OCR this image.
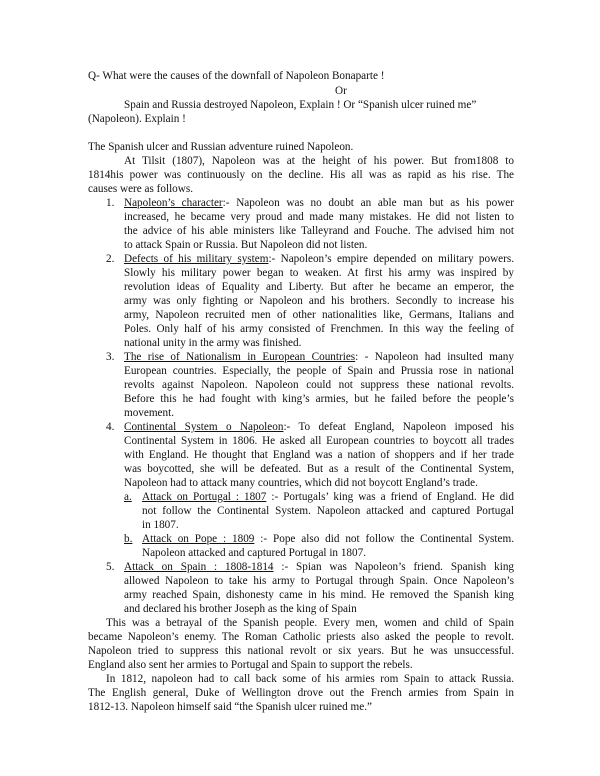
Q- What were the causes of the downfall of Napoleon Bonaparte !
Or
Spain and Russia destroyed Napoleon, Explain ! Or “Spanish ulcer ruined me”
(Napoleon). Explain !
The Spanish ulcer and Russian adventure ruined Napoleon.
At Tilsit (1807), Napoleon was at the height of his power. But from1808 to
1814his power was continuously on the decline. His all was as rapid as his rise. The
causes were as follows.
1. Napoleon’s character:- Napoleon was no doubt an able man but as his power
increased, he became very proud and made many mistakes. He did not listen to
the advice of his able ministers like Talleyrand and Fouche. The advised him not
to attack Spain or Russia. But Napoleon did not listen.
2. Defects of his military system:- Napoleon’s empire depended on military powers.
Slowly his military power began to weaken. At first his army was inspired by
revolution ideas of Equality and Liberty. But after he became an emperor, the
army was only fighting or Napoleon and his brothers. Secondly to increase his
army, Napoleon recruited men of other nationalities like, Germans, Italians and
Poles. Only half of his army consisted of Frenchmen. In this way the feeling of
national unity in the army was finished.
3. The rise of Nationalism in European Countries: - Napoleon had insulted many
European countries. Especially, the people of Spain and Prussia rose in national
revolts against Napoleon. Napoleon could not suppress these national revolts.
Before this he had fought with king’s armies, but he failed before the people’s
movement.
4. Continental System o Napoleon:- To defeat England, Napoleon imposed his
Continental System in 1806. He asked all European countries to boycott all trades
with England. He thought that England was a nation of shoppers and if her trade
was boycotted, she will be defeated. But as a result of the Continental System,
Napoleon had to attack many countries, which did not boycott England’s trade.
a. Attack on Portugal : 1807 :- Portugals’ king was a friend of England. He did
not follow the Continental System. Napoleon attacked and captured Portugal
in 1807.
b. Attack on Pope : 1809 :- Pope also did not follow the Continental System.
Napoleon attacked and captured Portugal in 1807.
5. Attack on Spain : 1808-1814 :- Spian was Napoleon’s friend. Spanish king
allowed Napoleon to take his army to Portugal through Spain. Once Napoleon’s
army reached Spain, dishonesty came in his mind. He removed the Spanish king
and declared his brother Joseph as the king of Spain
This was a betrayal of the Spanish people. Every men, women and child of Spain
became Napoleon’s enemy. The Roman Catholic priests also asked the people to revolt.
Napoleon tried to suppress this national revolt or six years. But he was unsuccessful.
England also sent her armies to Portugal and Spain to support the rebels.
In 1812, napoleon had to call back some of his armies rom Spain to attack Russia.
The English general, Duke of Wellington drove out the French armies from Spain in
1812-13. Napoleon himself said “the Spanish ulcer ruined me.”
